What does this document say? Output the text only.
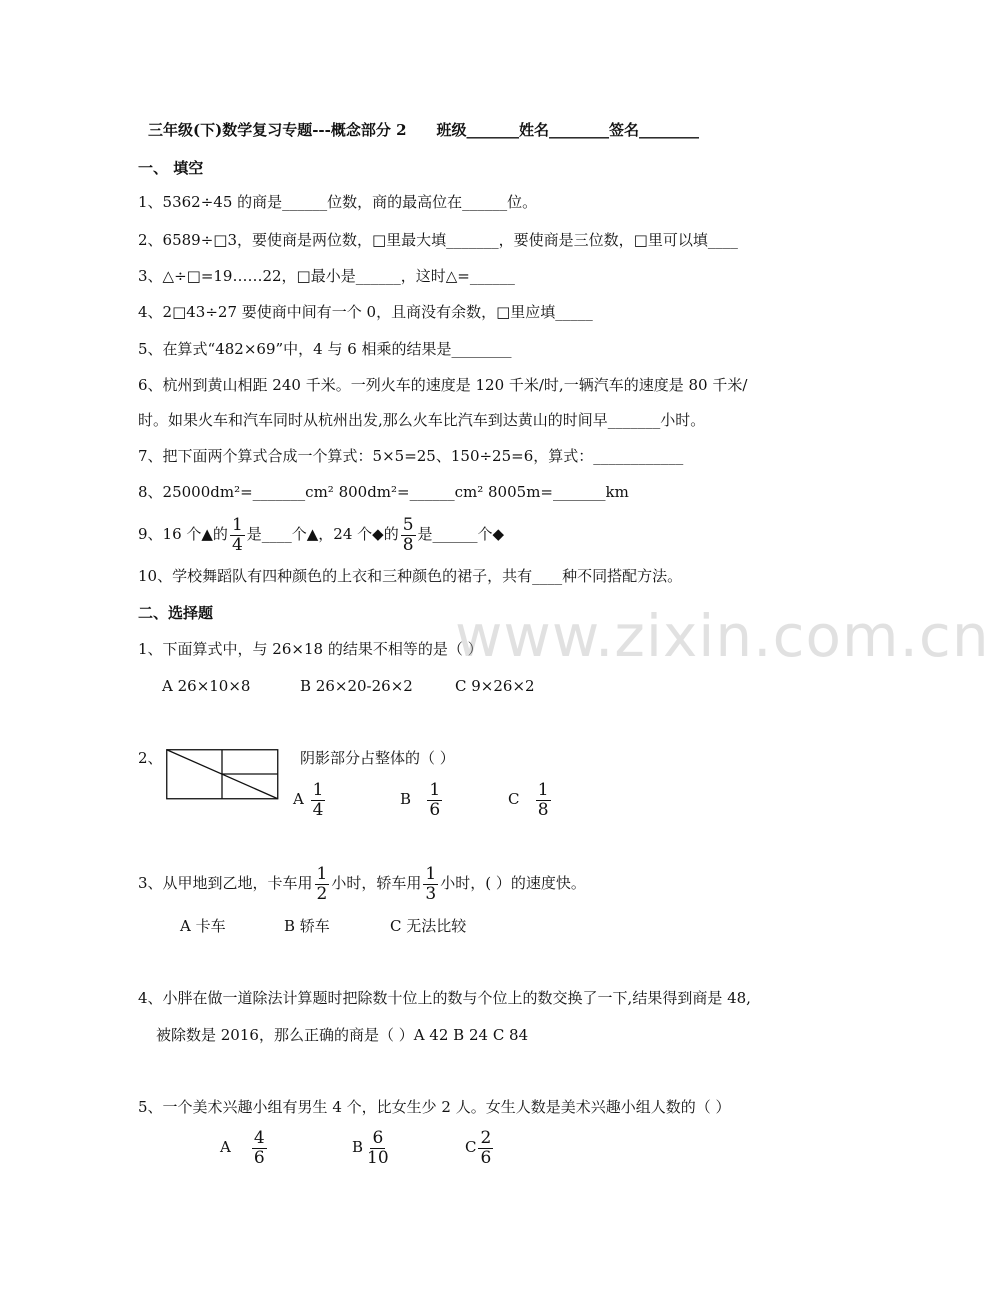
三年级(下)数学复习专题---概念部分 2 班级_______姓名________签名________
一、 填空
1、5362÷45 的商是______位数，商的最高位在______位。
2、6589÷□3，要使商是两位数，□里最大填_______，要使商是三位数，□里可以填____
3、△÷□=19……22，□最小是______，这时△=______
4、2□43÷27 要使商中间有一个 0，且商没有余数，□里应填_____
5、在算式“482×69”中，4 与 6 相乘的结果是________
6、杭州到黄山相距 240 千米。一列火车的速度是 120 千米/时,一辆汽车的速度是 80 千米/
时。如果火车和汽车同时从杭州出发,那么火车比汽车到达黄山的时间早_______小时。
7、把下面两个算式合成一个算式：5×5=25、150÷25=6，算式：____________
8、25000dm²=_______cm² 800dm²=______cm² 8005m=_______km
9、16 个▲的 $\frac{1}{4}$ 是____个▲，24 个◆的 $\frac{5}{8}$ 是______个◆
10、学校舞蹈队有四种颜色的上衣和三种颜色的裙子，共有____种不同搭配方法。
二、选择题
1、下面算式中，与 26×18 的结果不相等的是（ ）
A 26×10×8	B 26×20-26×2	C 9×26×2
2、	阴影部分占整体的（ ）
A $\frac{1}{4}$	B $\frac{1}{6}$	C $\frac{1}{8}$
3、从甲地到乙地，卡车用 $\frac{1}{2}$ 小时，轿车用 $\frac{1}{3}$ 小时，( ）的速度快。
A 卡车	B 轿车	C 无法比较
4、小胖在做一道除法计算题时把除数十位上的数与个位上的数交换了一下,结果得到商是 48,
被除数是 2016，那么正确的商是（ ）A 42 B 24 C 84
5、一个美术兴趣小组有男生 4 个，比女生少 2 人。女生人数是美术兴趣小组人数的（ ）
A $\frac{4}{6}$	B $\frac{6}{10}$	C $\frac{2}{6}$
www.zixin.com.cn
